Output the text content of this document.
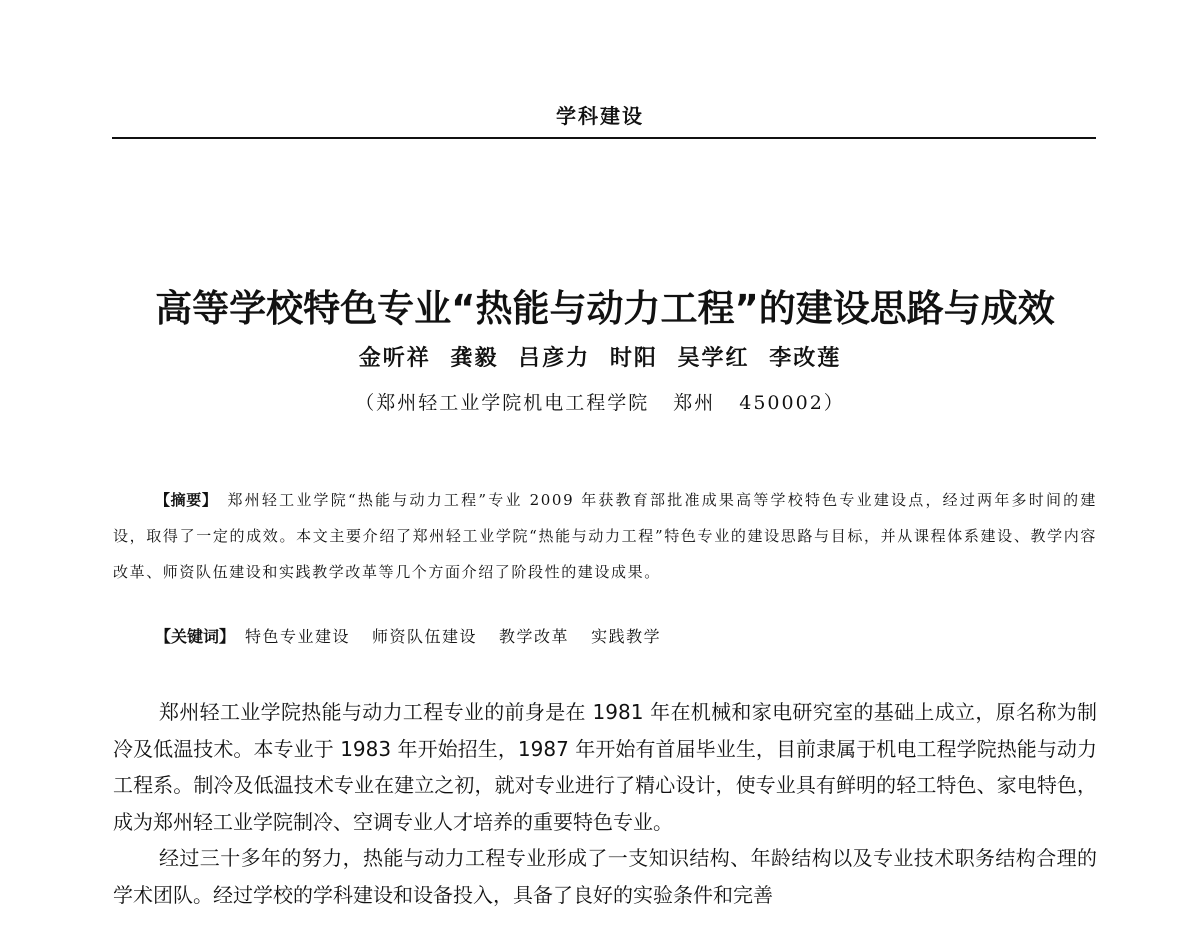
学科建设
高等学校特色专业“热能与动力工程”的建设思路与成效
金听祥 龚毅 吕彦力 时阳 吴学红 李改莲
（郑州轻工业学院机电工程学院 郑州 450002）
【摘要】 郑州轻工业学院“热能与动力工程”专业 2009 年获教育部批准成果高等学校特色专业建设点，经过两年多时间的建设，取得了一定的成效。本文主要介绍了郑州轻工业学院“热能与动力工程”特色专业的建设思路与目标，并从课程体系建设、教学内容改革、师资队伍建设和实践教学改革等几个方面介绍了阶段性的建设成果。
【关键词】 特色专业建设 师资队伍建设 教学改革 实践教学

郑州轻工业学院热能与动力工程专业的前身是在 1981 年在机械和家电研究室的基础上成立，原名称为制冷及低温技术。本专业于 1983 年开始招生，1987 年开始有首届毕业生，目前隶属于机电工程学院热能与动力工程系。制冷及低温技术专业在建立之初，就对专业进行了精心设计，使专业具有鲜明的轻工特色、家电特色，成为郑州轻工业学院制冷、空调专业人才培养的重要特色专业。

经过三十多年的努力，热能与动力工程专业形成了一支知识结构、年龄结构以及专业技术职务结构合理的学术团队。经过学校的学科建设和设备投入，具备了良好的实验条件和完善
